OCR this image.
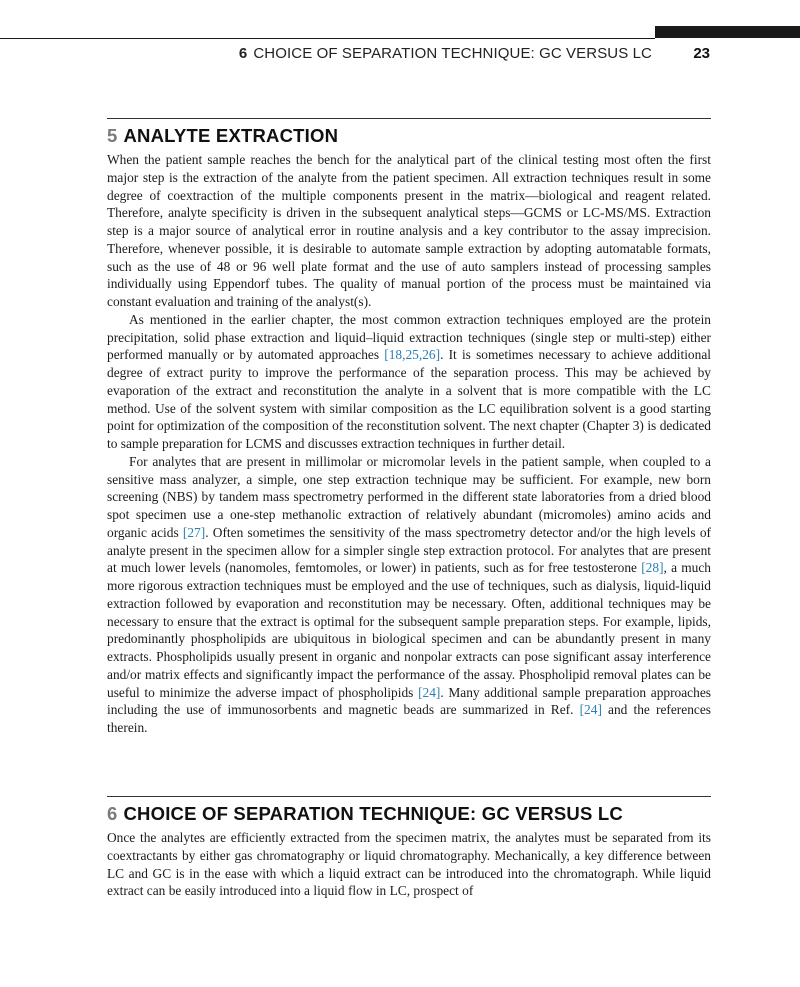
6 CHOICE OF SEPARATION TECHNIQUE: GC VERSUS LC	23
5 ANALYTE EXTRACTION

When the patient sample reaches the bench for the analytical part of the clinical testing most often the first major step is the extraction of the analyte from the patient specimen. All extraction techniques result in some degree of coextraction of the multiple components present in the matrix—biological and reagent related. Therefore, analyte specificity is driven in the subsequent analytical steps—GCMS or LC-MS/MS. Extraction step is a major source of analytical error in routine analysis and a key contributor to the assay imprecision. Therefore, whenever possible, it is desirable to automate sample extraction by adopting automatable formats, such as the use of 48 or 96 well plate format and the use of auto samplers instead of processing samples individually using Eppendorf tubes. The quality of manual portion of the process must be maintained via constant evaluation and training of the analyst(s).

As mentioned in the earlier chapter, the most common extraction techniques employed are the protein precipitation, solid phase extraction and liquid–liquid extraction techniques (single step or multi-step) either performed manually or by automated approaches [18,25,26]. It is sometimes necessary to achieve additional degree of extract purity to improve the performance of the separation process. This may be achieved by evaporation of the extract and reconstitution the analyte in a solvent that is more compatible with the LC method. Use of the solvent system with similar composition as the LC equilibration solvent is a good starting point for optimization of the composition of the reconstitution solvent. The next chapter (Chapter 3) is dedicated to sample preparation for LCMS and discusses extraction techniques in further detail.

For analytes that are present in millimolar or micromolar levels in the patient sample, when coupled to a sensitive mass analyzer, a simple, one step extraction technique may be sufficient. For example, new born screening (NBS) by tandem mass spectrometry performed in the different state laboratories from a dried blood spot specimen use a one-step methanolic extraction of relatively abundant (micromoles) amino acids and organic acids [27]. Often sometimes the sensitivity of the mass spectrometry detector and/or the high levels of analyte present in the specimen allow for a simpler single step extraction protocol. For analytes that are present at much lower levels (nanomoles, femtomoles, or lower) in patients, such as for free testosterone [28], a much more rigorous extraction techniques must be employed and the use of techniques, such as dialysis, liquid-liquid extraction followed by evaporation and reconstitution may be necessary. Often, additional techniques may be necessary to ensure that the extract is optimal for the subsequent sample preparation steps. For example, lipids, predominantly phospholipids are ubiquitous in biological specimen and can be abundantly present in many extracts. Phospholipids usually present in organic and nonpolar extracts can pose significant assay interference and/or matrix effects and significantly impact the performance of the assay. Phospholipid removal plates can be useful to minimize the adverse impact of phospholipids [24]. Many additional sample preparation approaches including the use of immunosorbents and magnetic beads are summarized in Ref. [24] and the references therein.

6 CHOICE OF SEPARATION TECHNIQUE: GC VERSUS LC

Once the analytes are efficiently extracted from the specimen matrix, the analytes must be separated from its coextractants by either gas chromatography or liquid chromatography. Mechanically, a key difference between LC and GC is in the ease with which a liquid extract can be introduced into the chromatograph. While liquid extract can be easily introduced into a liquid flow in LC, prospect of
